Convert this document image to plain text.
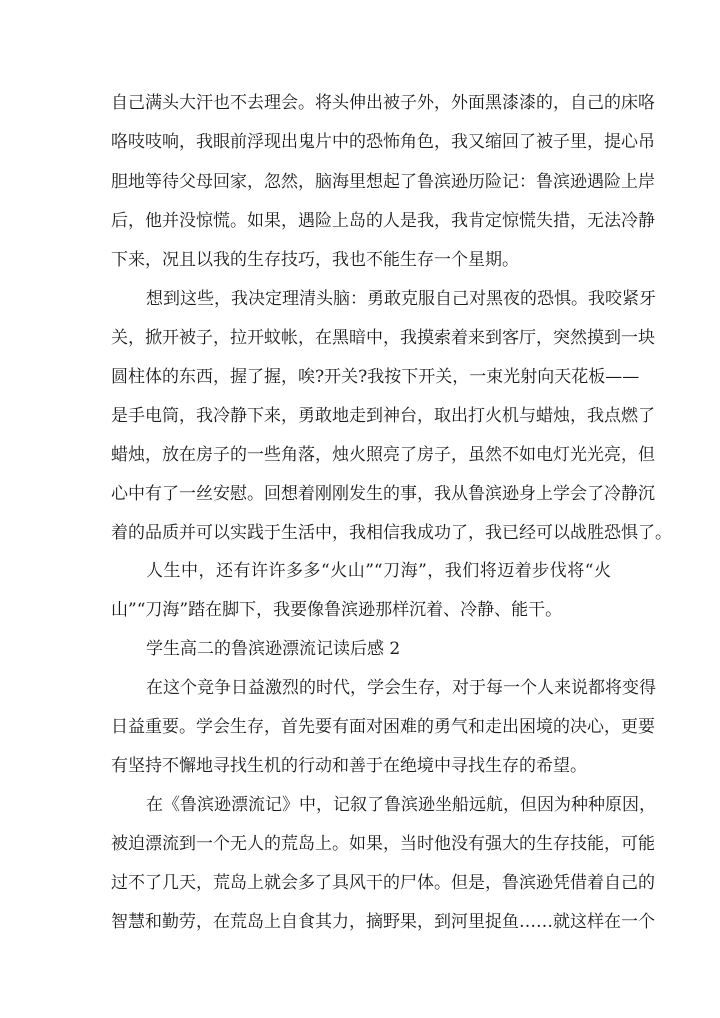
自己满头大汗也不去理会。将头伸出被子外，外面黑漆漆的，自己的床咯
咯吱吱响，我眼前浮现出鬼片中的恐怖角色，我又缩回了被子里，提心吊
胆地等待父母回家，忽然，脑海里想起了鲁滨逊历险记：鲁滨逊遇险上岸
后，他并没惊慌。如果，遇险上岛的人是我，我肯定惊慌失措，无法冷静
下来，况且以我的生存技巧，我也不能生存一个星期。
想到这些，我决定理清头脑：勇敢克服自己对黑夜的恐惧。我咬紧牙
关，掀开被子，拉开蚊帐，在黑暗中，我摸索着来到客厅，突然摸到一块
圆柱体的东西，握了握，唉?开关?我按下开关，一束光射向天花板——
是手电筒，我冷静下来，勇敢地走到神台，取出打火机与蜡烛，我点燃了
蜡烛，放在房子的一些角落，烛火照亮了房子，虽然不如电灯光光亮，但
心中有了一丝安慰。回想着刚刚发生的事，我从鲁滨逊身上学会了冷静沉
着的品质并可以实践于生活中，我相信我成功了，我已经可以战胜恐惧了。
人生中，还有许许多多“火山”“刀海”，我们将迈着步伐将“火
山”“刀海”踏在脚下，我要像鲁滨逊那样沉着、冷静、能干。
学生高二的鲁滨逊漂流记读后感 2
在这个竞争日益激烈的时代，学会生存，对于每一个人来说都将变得
日益重要。学会生存，首先要有面对困难的勇气和走出困境的决心，更要
有坚持不懈地寻找生机的行动和善于在绝境中寻找生存的希望。
在《鲁滨逊漂流记》中，记叙了鲁滨逊坐船远航，但因为种种原因，
被迫漂流到一个无人的荒岛上。如果，当时他没有强大的生存技能，可能
过不了几天，荒岛上就会多了具风干的尸体。但是，鲁滨逊凭借着自己的
智慧和勤劳，在荒岛上自食其力，摘野果，到河里捉鱼……就这样在一个
